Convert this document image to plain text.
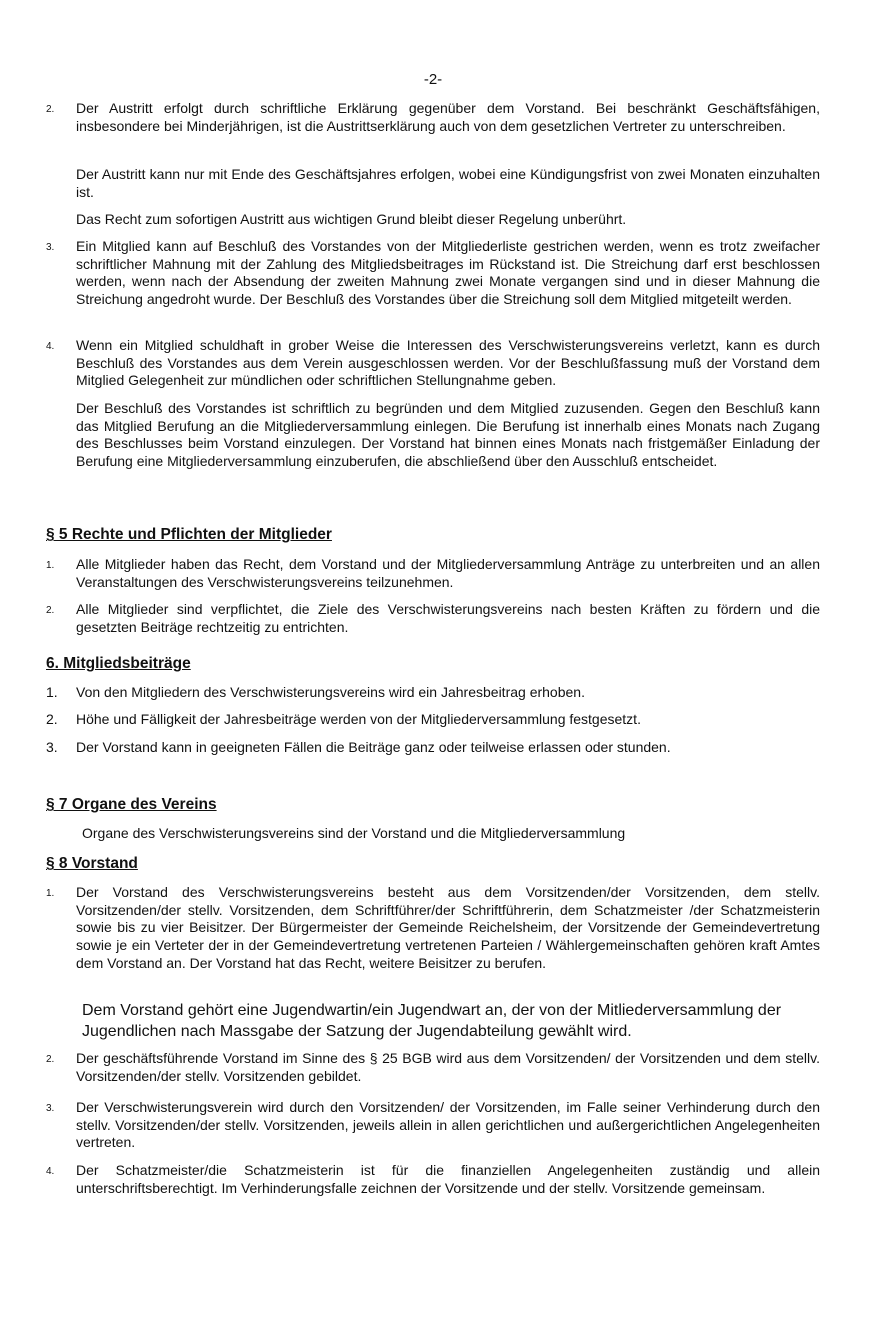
-2-
2. Der Austritt erfolgt durch schriftliche Erklärung gegenüber dem Vorstand. Bei beschränkt Geschäftsfähigen, insbesondere bei Minderjährigen, ist die Austrittserklärung auch von dem gesetzlichen Vertreter zu unterschreiben.
Der Austritt kann nur mit Ende des Geschäftsjahres erfolgen, wobei eine Kündigungsfrist von zwei Monaten einzuhalten ist.
Das Recht zum sofortigen Austritt aus wichtigen Grund bleibt dieser Regelung unberührt.
3. Ein Mitglied kann auf Beschluß des Vorstandes von der Mitgliederliste gestrichen werden, wenn es trotz zweifacher schriftlicher Mahnung mit der Zahlung des Mitgliedsbeitrages im Rückstand ist. Die Streichung darf erst beschlossen werden, wenn nach der Absendung der zweiten Mahnung zwei Monate vergangen sind und in dieser Mahnung die Streichung angedroht wurde. Der Beschluß des Vorstandes über die Streichung soll dem Mitglied mitgeteilt werden.
4. Wenn ein Mitglied schuldhaft in grober Weise die Interessen des Verschwisterungsvereins verletzt, kann es durch Beschluß des Vorstandes aus dem Verein ausgeschlossen werden. Vor der Beschlußfassung muß der Vorstand dem Mitglied Gelegenheit zur mündlichen oder schriftlichen Stellungnahme geben.
Der Beschluß des Vorstandes ist schriftlich zu begründen und dem Mitglied zuzusenden. Gegen den Beschluß kann das Mitglied Berufung an die Mitgliederversammlung einlegen. Die Berufung ist innerhalb eines Monats nach Zugang des Beschlusses beim Vorstand einzulegen. Der Vorstand hat binnen eines Monats nach fristgemäßer Einladung der Berufung eine Mitgliederversammlung einzuberufen, die abschließend über den Ausschluß entscheidet.
§ 5 Rechte und Pflichten der Mitglieder
1. Alle Mitglieder haben das Recht, dem Vorstand und der Mitgliederversammlung Anträge zu unterbreiten und an allen Veranstaltungen des Verschwisterungsvereins teilzunehmen.
2. Alle Mitglieder sind verpflichtet, die Ziele des Verschwisterungsvereins nach besten Kräften zu fördern und die gesetzten Beiträge rechtzeitig zu entrichten.
6. Mitgliedsbeiträge
1. Von den Mitgliedern des Verschwisterungsvereins wird ein Jahresbeitrag erhoben.
2. Höhe und Fälligkeit der Jahresbeiträge werden von der Mitgliederversammlung festgesetzt.
3. Der Vorstand kann in geeigneten Fällen die Beiträge ganz oder teilweise erlassen oder stunden.
§ 7 Organe des Vereins
Organe des Verschwisterungsvereins sind der Vorstand und die Mitgliederversammlung
§ 8 Vorstand
1. Der Vorstand des Verschwisterungsvereins besteht aus dem Vorsitzenden/der Vorsitzenden, dem stellv. Vorsitzenden/der stellv. Vorsitzenden, dem Schriftführer/der Schriftführerin, dem Schatzmeister /der Schatzmeisterin sowie bis zu vier Beisitzer. Der Bürgermeister der Gemeinde Reichelsheim, der Vorsitzende der Gemeindevertretung sowie je ein Verteter der in der Gemeindevertretung vertretenen Parteien / Wählergemeinschaften gehören kraft Amtes dem Vorstand an. Der Vorstand hat das Recht, weitere Beisitzer zu berufen.
Dem Vorstand gehört eine Jugendwartin/ein Jugendwart an, der von der Mitliederversammlung der Jugendlichen nach Massgabe der Satzung der Jugendabteilung gewählt wird.
2. Der geschäftsführende Vorstand im Sinne des § 25 BGB wird aus dem Vorsitzenden/ der Vorsitzenden und dem stellv. Vorsitzenden/der stellv. Vorsitzenden gebildet.
3. Der Verschwisterungsverein wird durch den Vorsitzenden/ der Vorsitzenden, im Falle seiner Verhinderung durch den stellv. Vorsitzenden/der stellv. Vorsitzenden, jeweils allein in allen gerichtlichen und außergerichtlichen Angelegenheiten vertreten.
4. Der Schatzmeister/die Schatzmeisterin ist für die finanziellen Angelegenheiten zuständig und allein unterschriftsberechtigt. Im Verhinderungsfalle zeichnen der Vorsitzende und der stellv. Vorsitzende gemeinsam.
